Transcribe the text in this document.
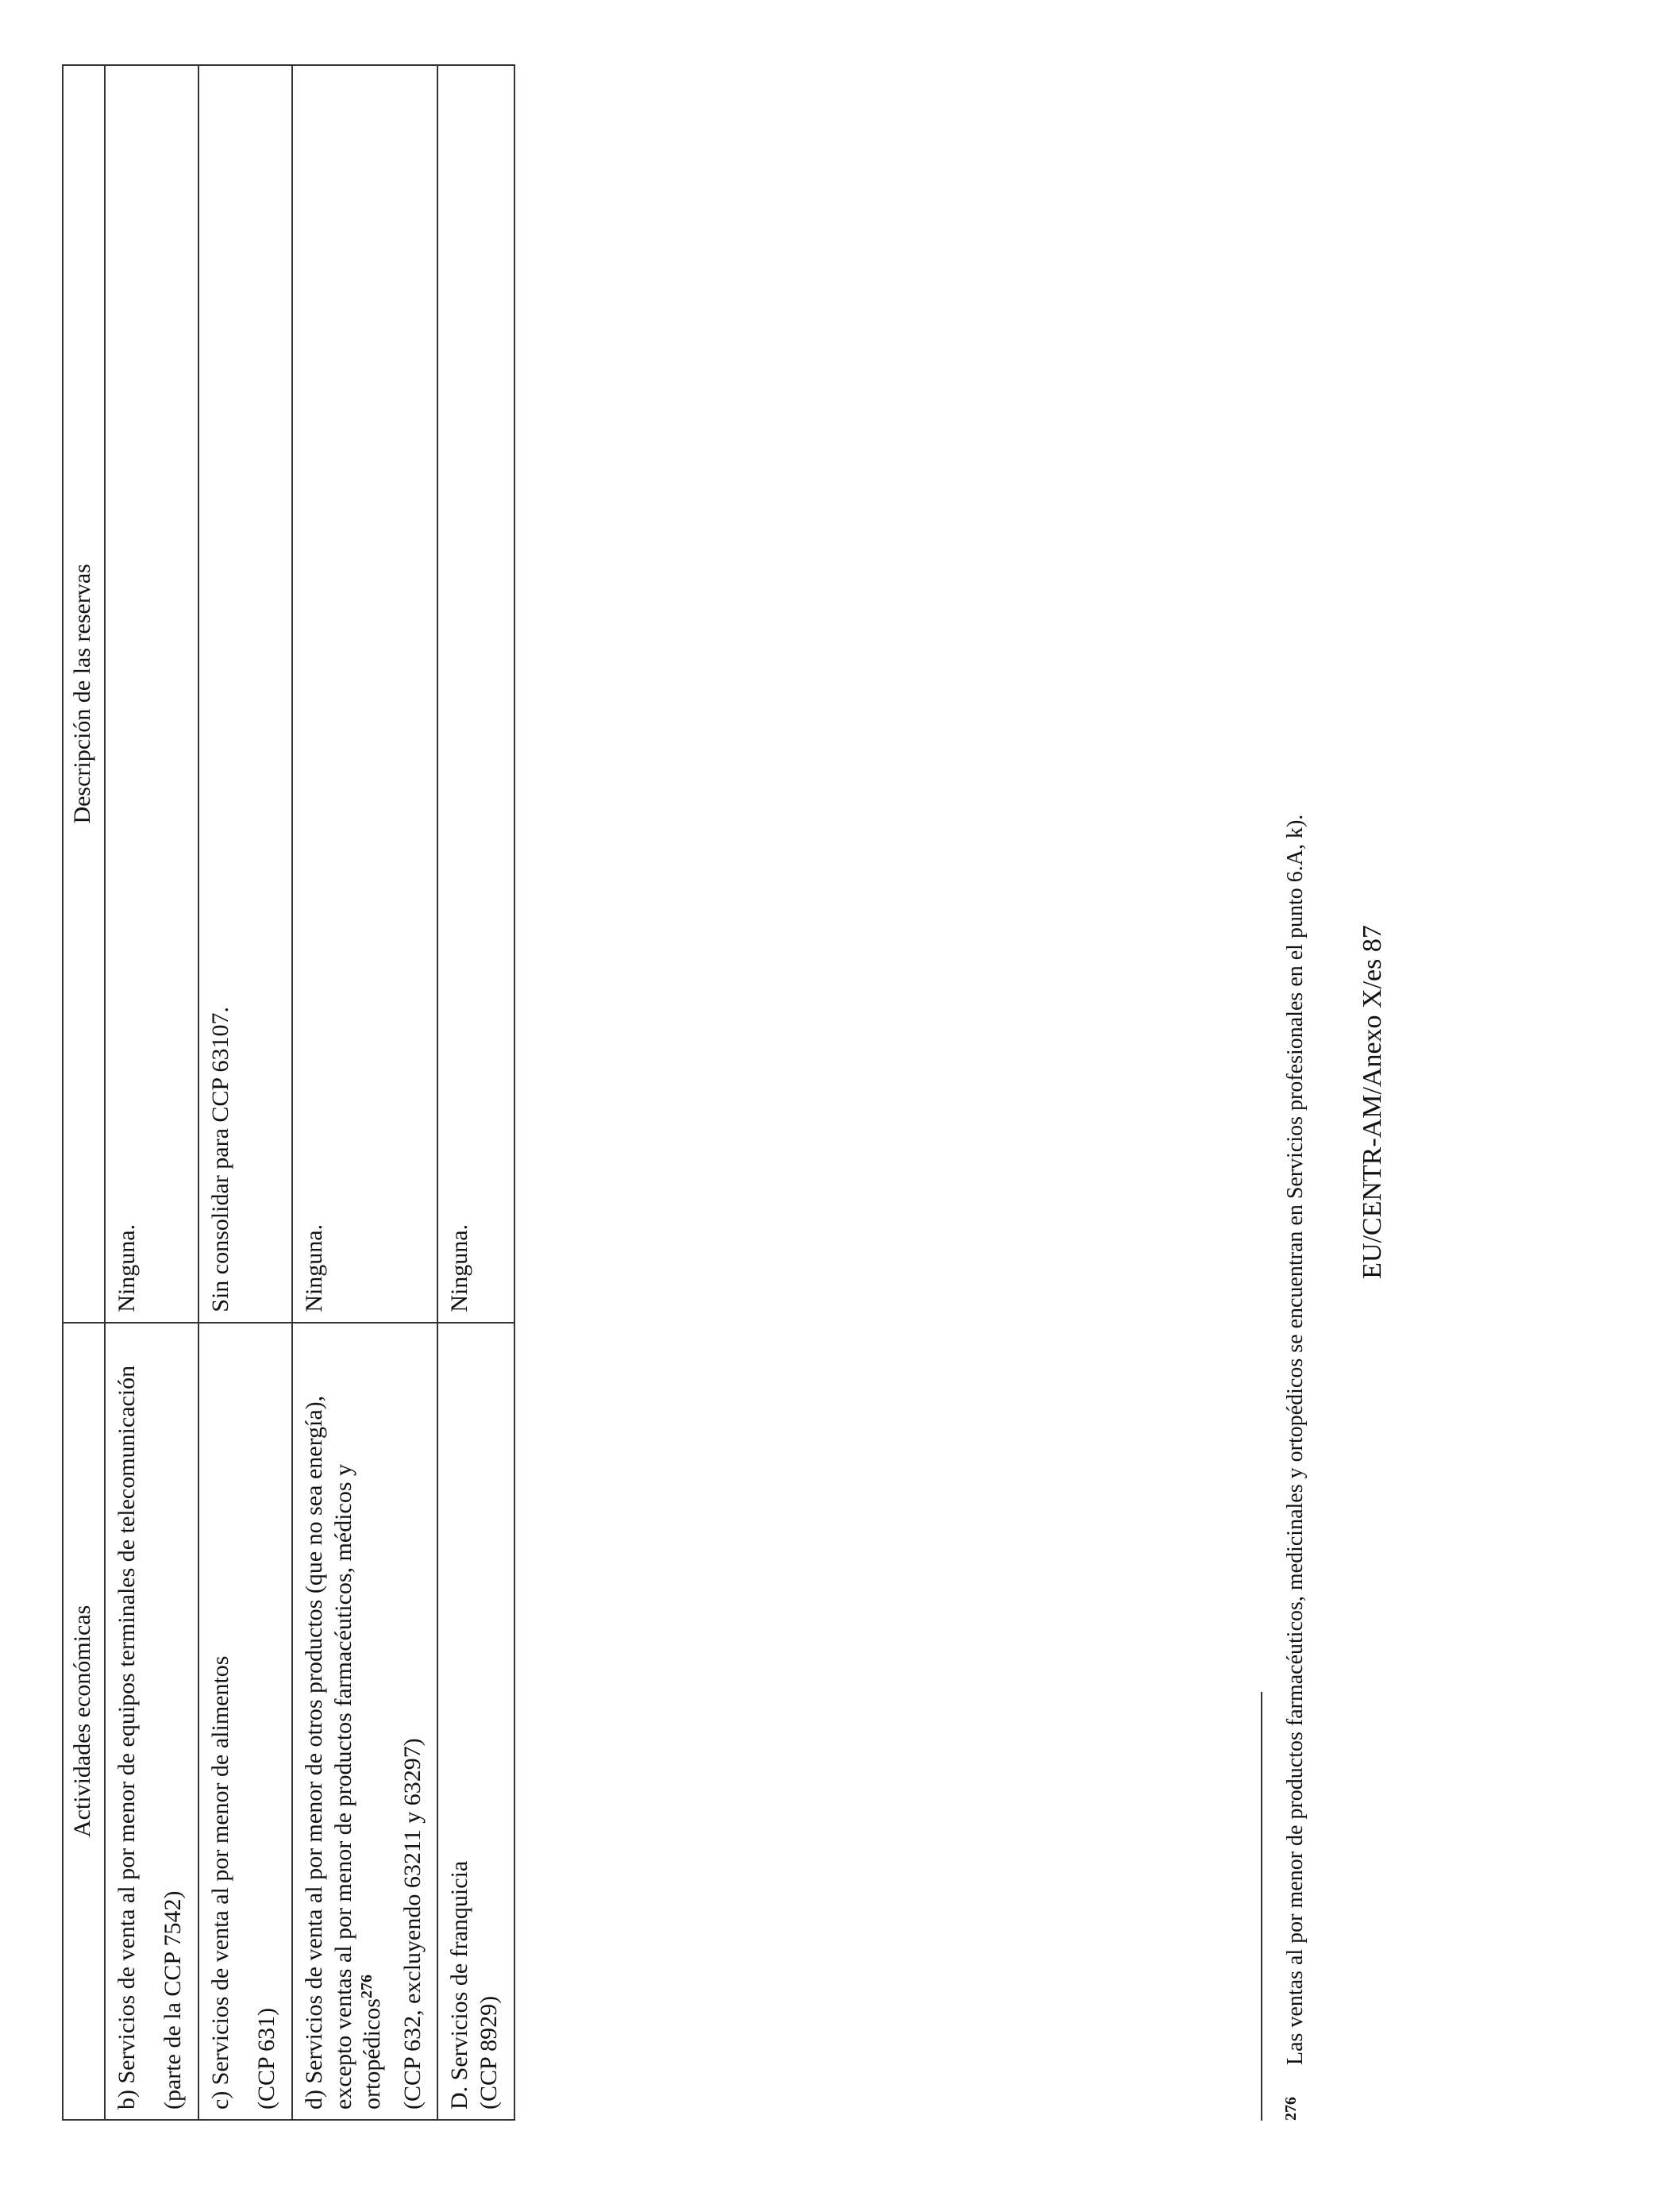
Actividades económicas	Descripción de las reservas

b) Servicios de venta al por menor de equipos terminales de telecomunicación (parte de la CCP 7542)	Ninguna.

c) Servicios de venta al por menor de alimentos (CCP 631)	Sin consolidar para CCP 63107.

d) Servicios de venta al por menor de otros productos (que no sea energía), excepto ventas al por menor de productos farmacéuticos, médicos y ortopédicos$^{276}$ (CCP 632, excluyendo 63211 y 63297)	Ninguna.

D. Servicios de franquicia (CCP 8929)	Ninguna.
276Las ventas al por menor de productos farmacéuticos, medicinales y ortopédicos se encuentran en Servicios profesionales en el punto 6.A, k). EU/CENTR-AM/Anexo X/es 87
